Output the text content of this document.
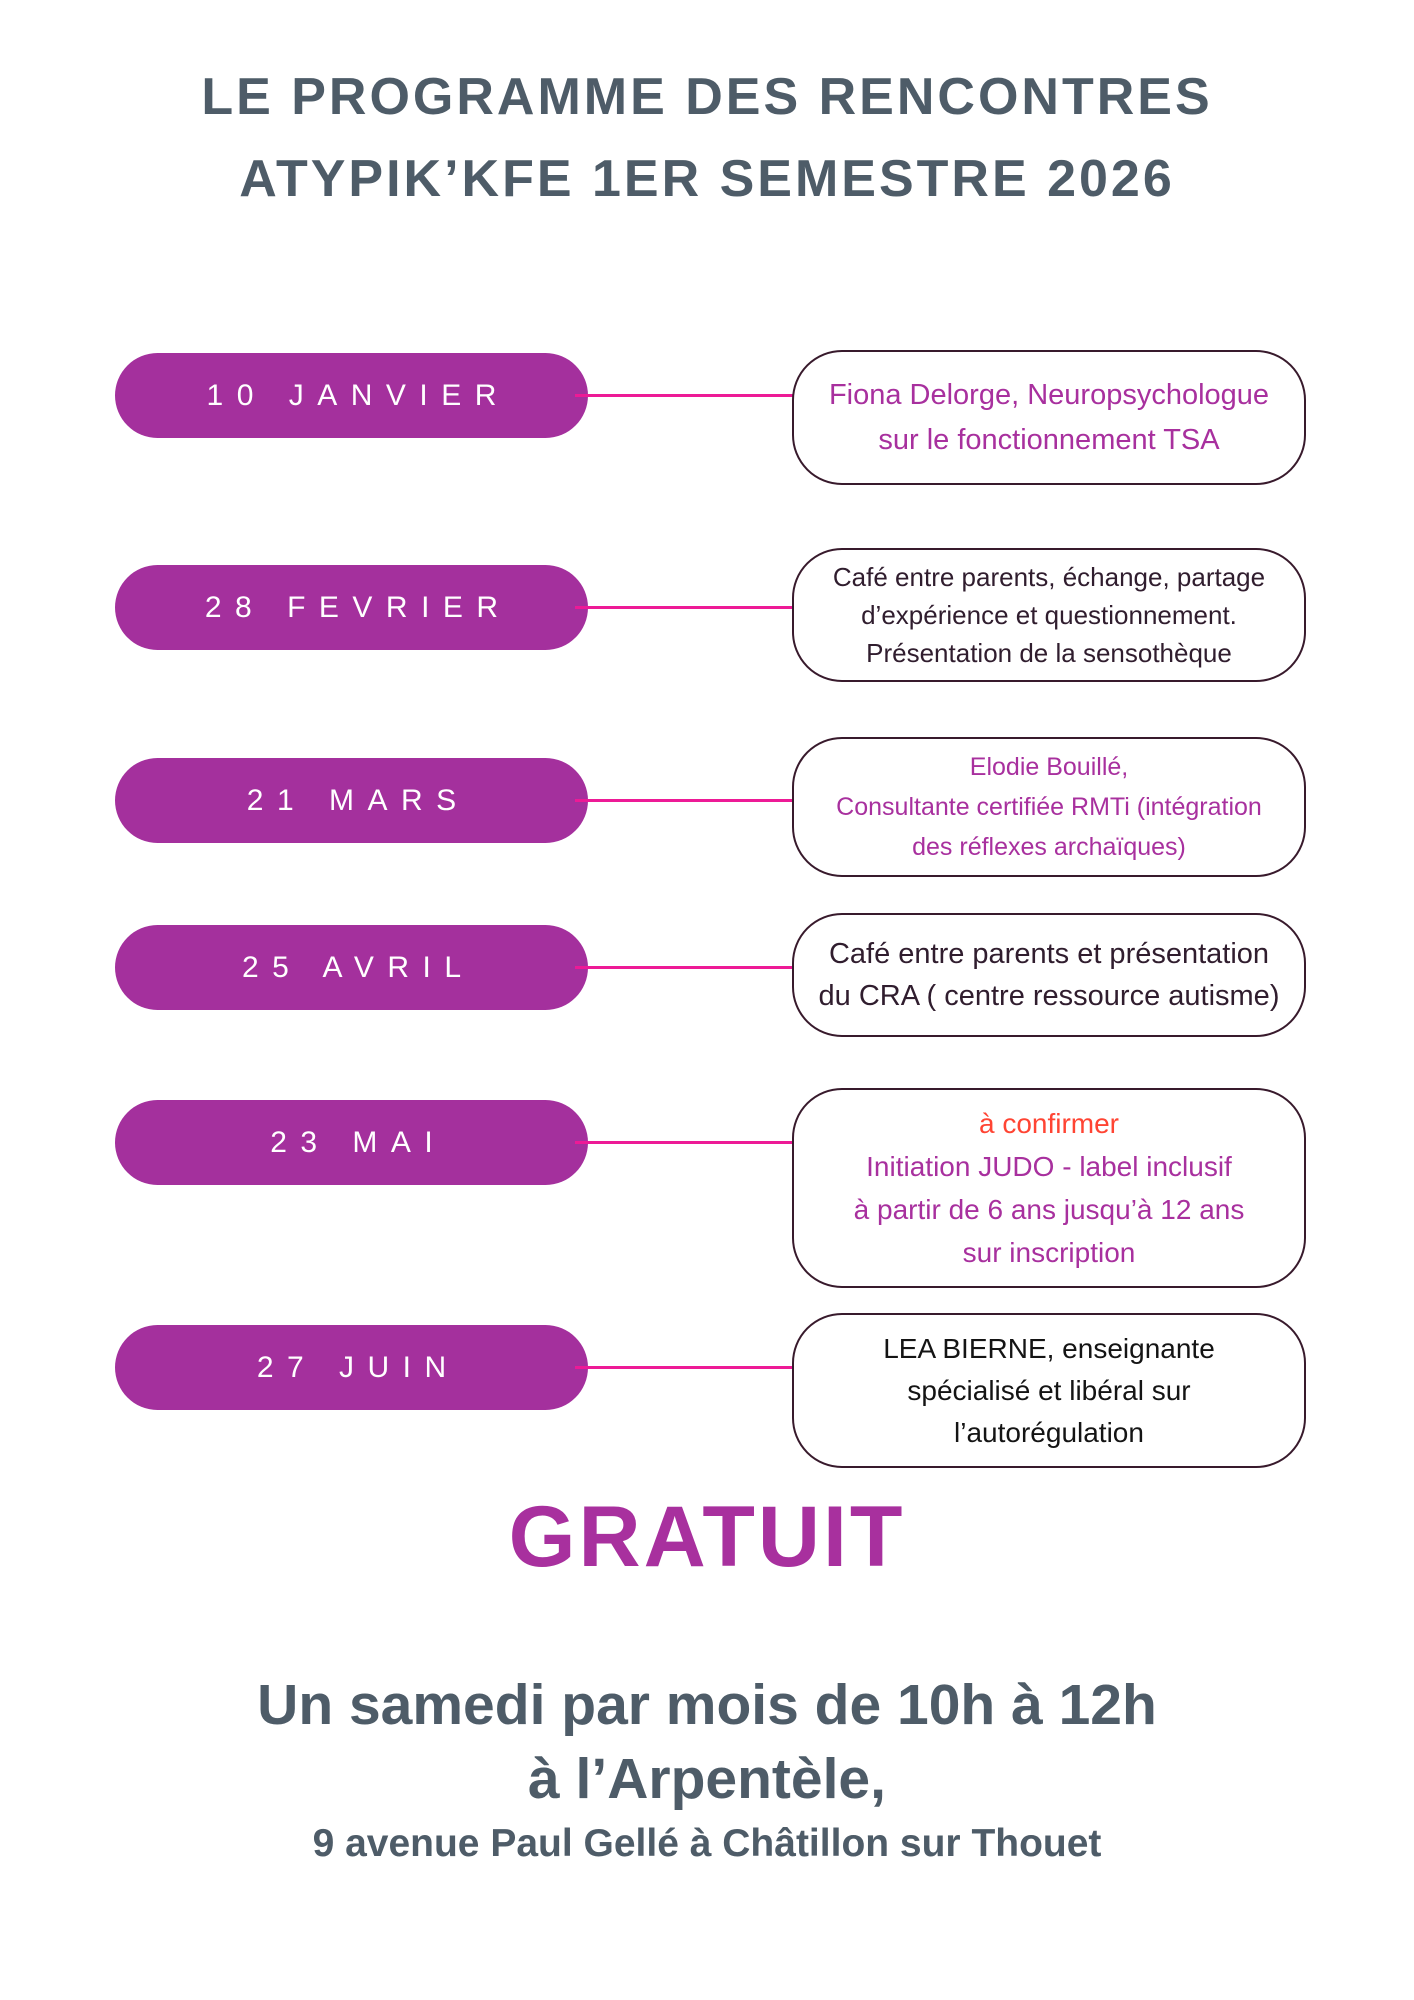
LE PROGRAMME DES RENCONTRES
ATYPIK’KFE 1ER SEMESTRE 2026
10 JANVIER	Fiona Delorge, Neuropsychologue
sur le fonctionnement TSA
28 FEVRIER
Café entre parents, échange, partage
d’expérience et questionnement.
Présentation de la sensothèque
21 MARS
Elodie Bouillé,
Consultante certifiée RMTi (intégration
des réflexes archaïques)
25 AVRIL	Café entre parents et présentation
du CRA ( centre ressource autisme)
23 MAI
à confirmer
Initiation JUDO - label inclusif
à partir de 6 ans jusqu’à 12 ans
sur inscription
27 JUIN
LEA BIERNE, enseignante
spécialisé et libéral sur
l’autorégulation
GRATUIT
Un samedi par mois de 10h à 12h
à l’Arpentèle,
9 avenue Paul Gellé à Châtillon sur Thouet
